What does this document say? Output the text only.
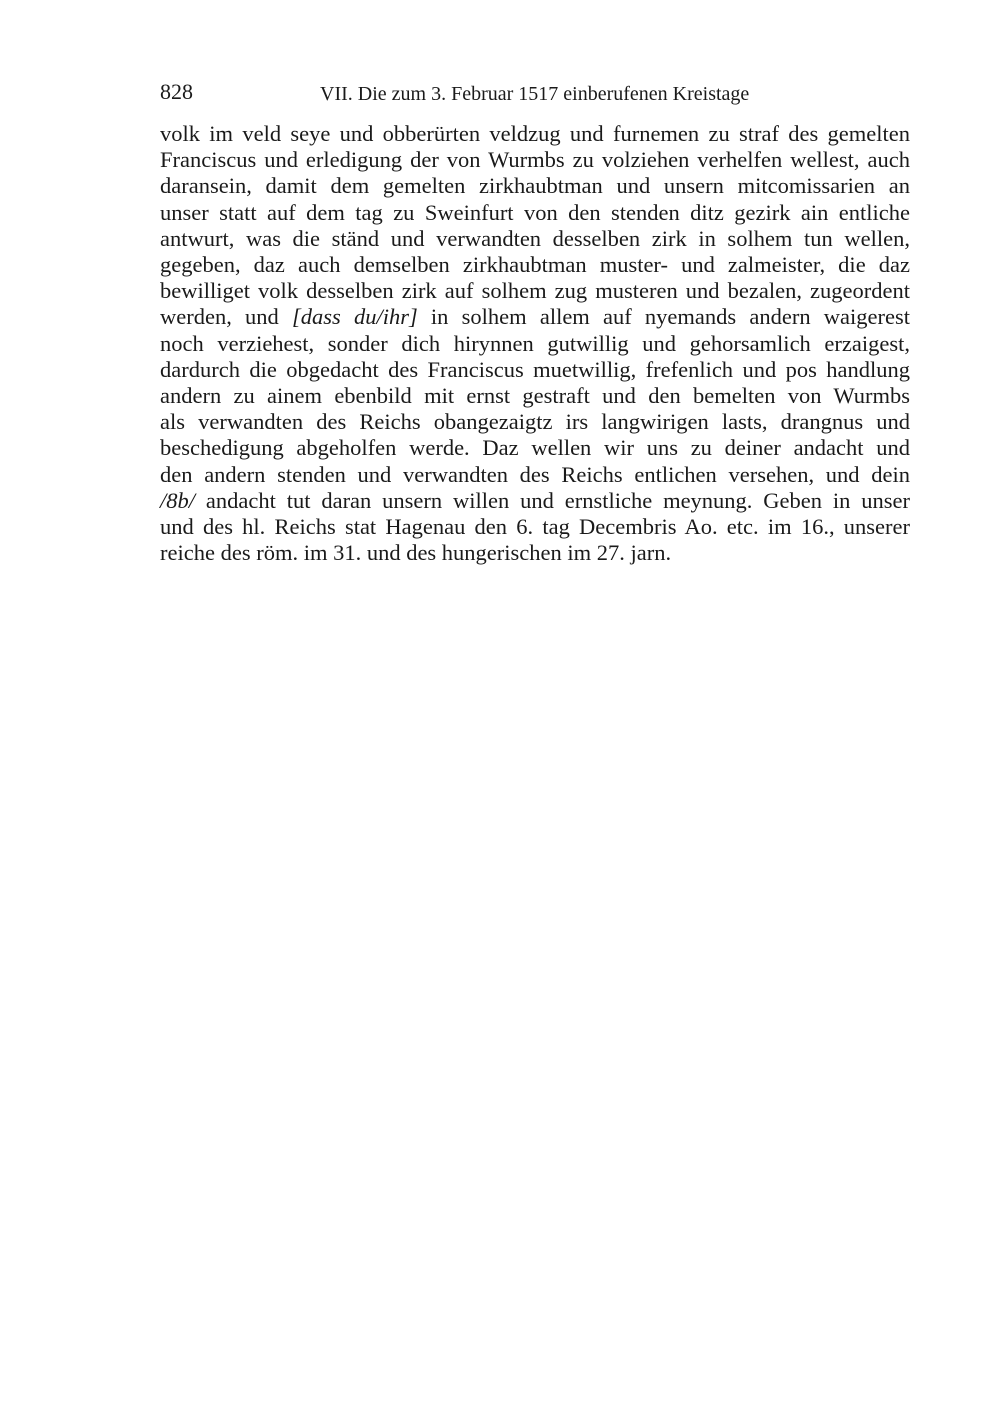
828	VII. Die zum 3. Februar 1517 einberufenen Kreistage
volk im veld seye und obberürten veldzug und furnemen zu straf des gemelten
Franciscus und erledigung der von Wurmbs zu volziehen verhelfen wellest, auch
daransein, damit dem gemelten zirkhaubtman und unsern mitcomissarien an
unser statt auf dem tag zu Sweinfurt von den stenden ditz gezirk ain entliche
antwurt, was die ständ und verwandten desselben zirk in solhem tun wellen,
gegeben, daz auch demselben zirkhaubtman muster- und zalmeister, die daz
bewilliget volk desselben zirk auf solhem zug musteren und bezalen, zugeordent
werden, und [dass du/ihr] in solhem allem auf nyemands andern waigerest
noch verziehest, sonder dich hirynnen gutwillig und gehorsamlich erzaigest,
dardurch die obgedacht des Franciscus muetwillig, frefenlich und pos handlung
andern zu ainem ebenbild mit ernst gestraft und den bemelten von Wurmbs
als verwandten des Reichs obangezaigtz irs langwirigen lasts, drangnus und
beschedigung abgeholfen werde. Daz wellen wir uns zu deiner andacht und
den andern stenden und verwandten des Reichs entlichen versehen, und dein
/8b/ andacht tut daran unsern willen und ernstliche meynung. Geben in unser
und des hl. Reichs stat Hagenau den 6. tag Decembris Ao. etc. im 16., unserer
reiche des röm. im 31. und des hungerischen im 27. jarn.
